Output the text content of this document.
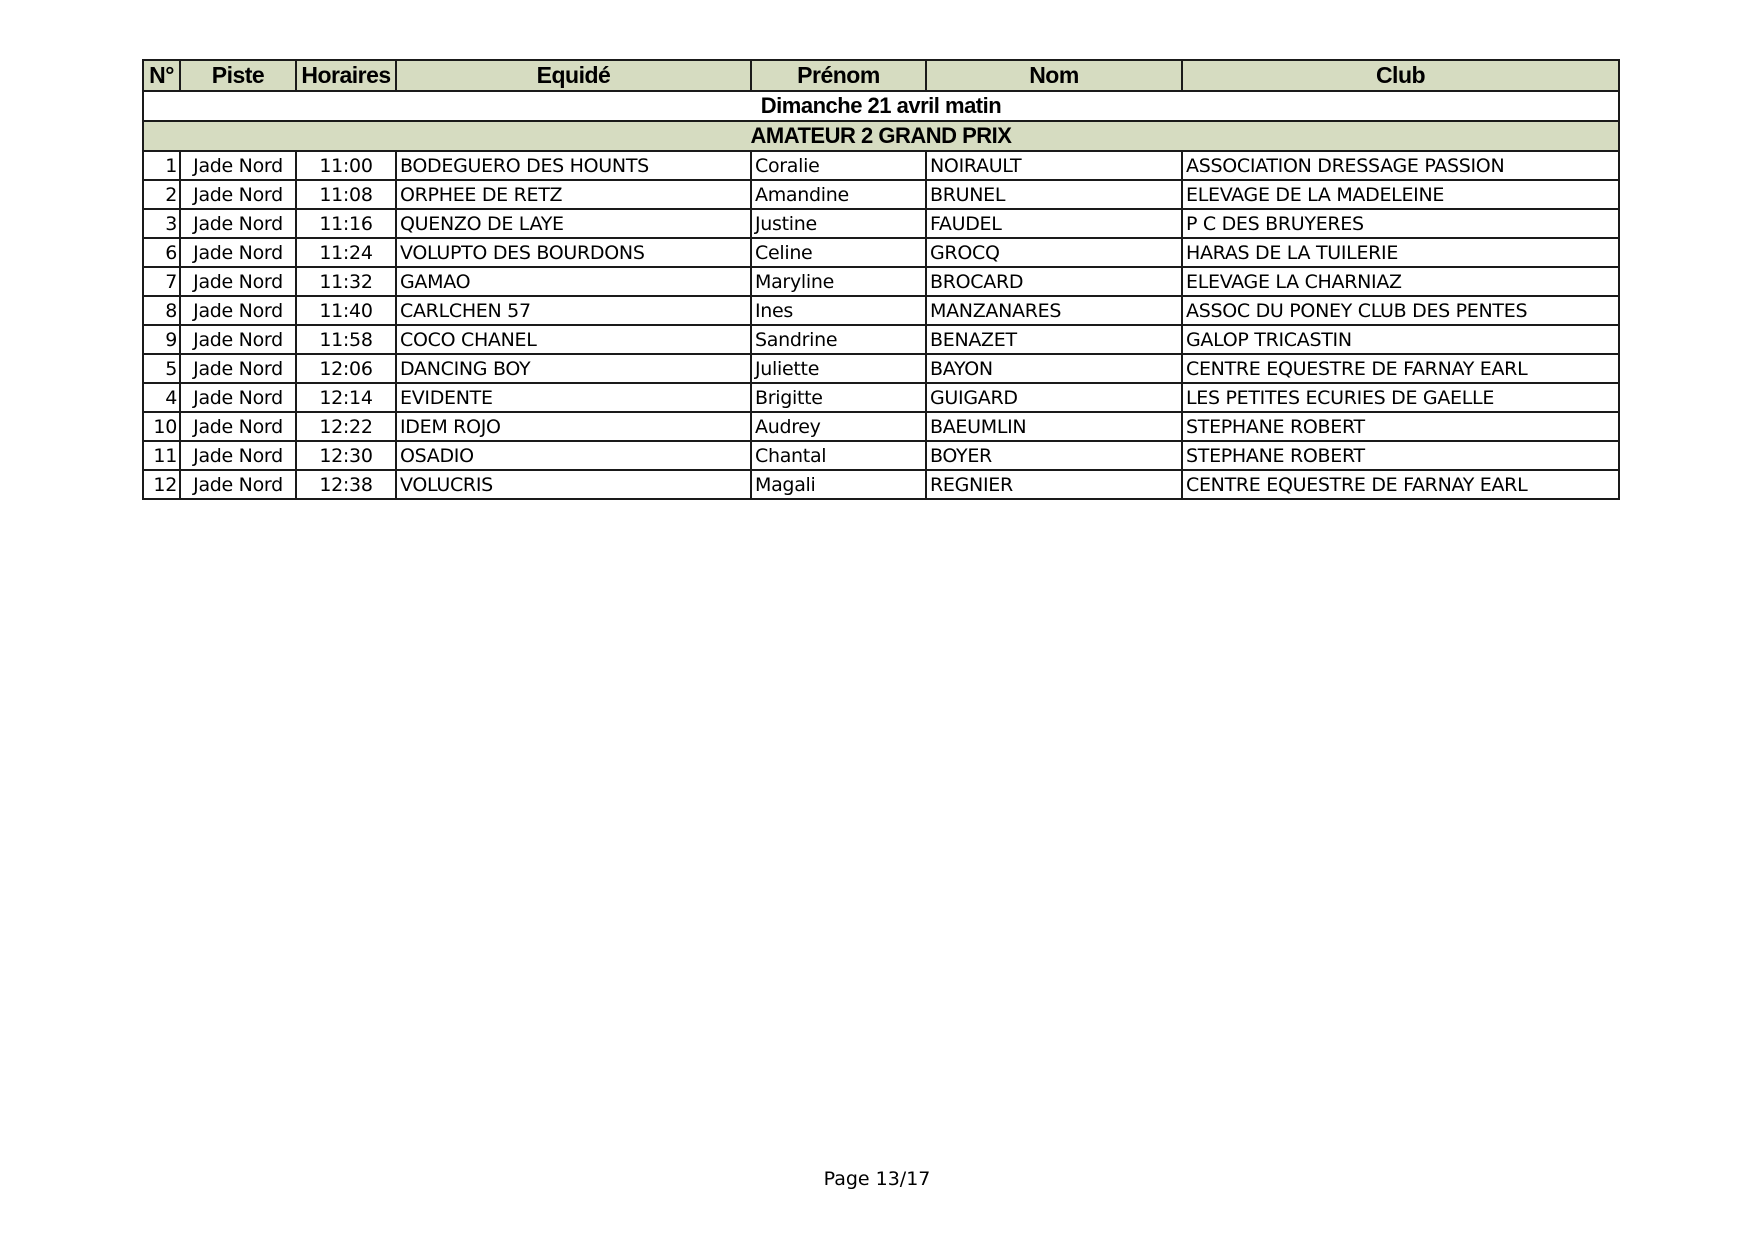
N°	Piste	Horaires	Equidé	Prénom	Nom	Club
Dimanche 21 avril matin						
AMATEUR 2 GRAND PRIX						
1	Jade Nord	11:00	BODEGUERO DES HOUNTS	Coralie	NOIRAULT	ASSOCIATION DRESSAGE PASSION
2	Jade Nord	11:08	ORPHEE DE RETZ	Amandine	BRUNEL	ELEVAGE DE LA MADELEINE
3	Jade Nord	11:16	QUENZO DE LAYE	Justine	FAUDEL	P C DES BRUYERES
6	Jade Nord	11:24	VOLUPTO DES BOURDONS	Celine	GROCQ	HARAS DE LA TUILERIE
7	Jade Nord	11:32	GAMAO	Maryline	BROCARD	ELEVAGE LA CHARNIAZ
8	Jade Nord	11:40	CARLCHEN 57	Ines	MANZANARES	ASSOC DU PONEY CLUB DES PENTES
9	Jade Nord	11:58	COCO CHANEL	Sandrine	BENAZET	GALOP TRICASTIN
5	Jade Nord	12:06	DANCING BOY	Juliette	BAYON	CENTRE EQUESTRE DE FARNAY EARL
4	Jade Nord	12:14	EVIDENTE	Brigitte	GUIGARD	LES PETITES ECURIES DE GAELLE
10	Jade Nord	12:22	IDEM ROJO	Audrey	BAEUMLIN	STEPHANE ROBERT
11	Jade Nord	12:30	OSADIO	Chantal	BOYER	STEPHANE ROBERT
12	Jade Nord	12:38	VOLUCRIS	Magali	REGNIER	CENTRE EQUESTRE DE FARNAY EARL
Page 13/17
